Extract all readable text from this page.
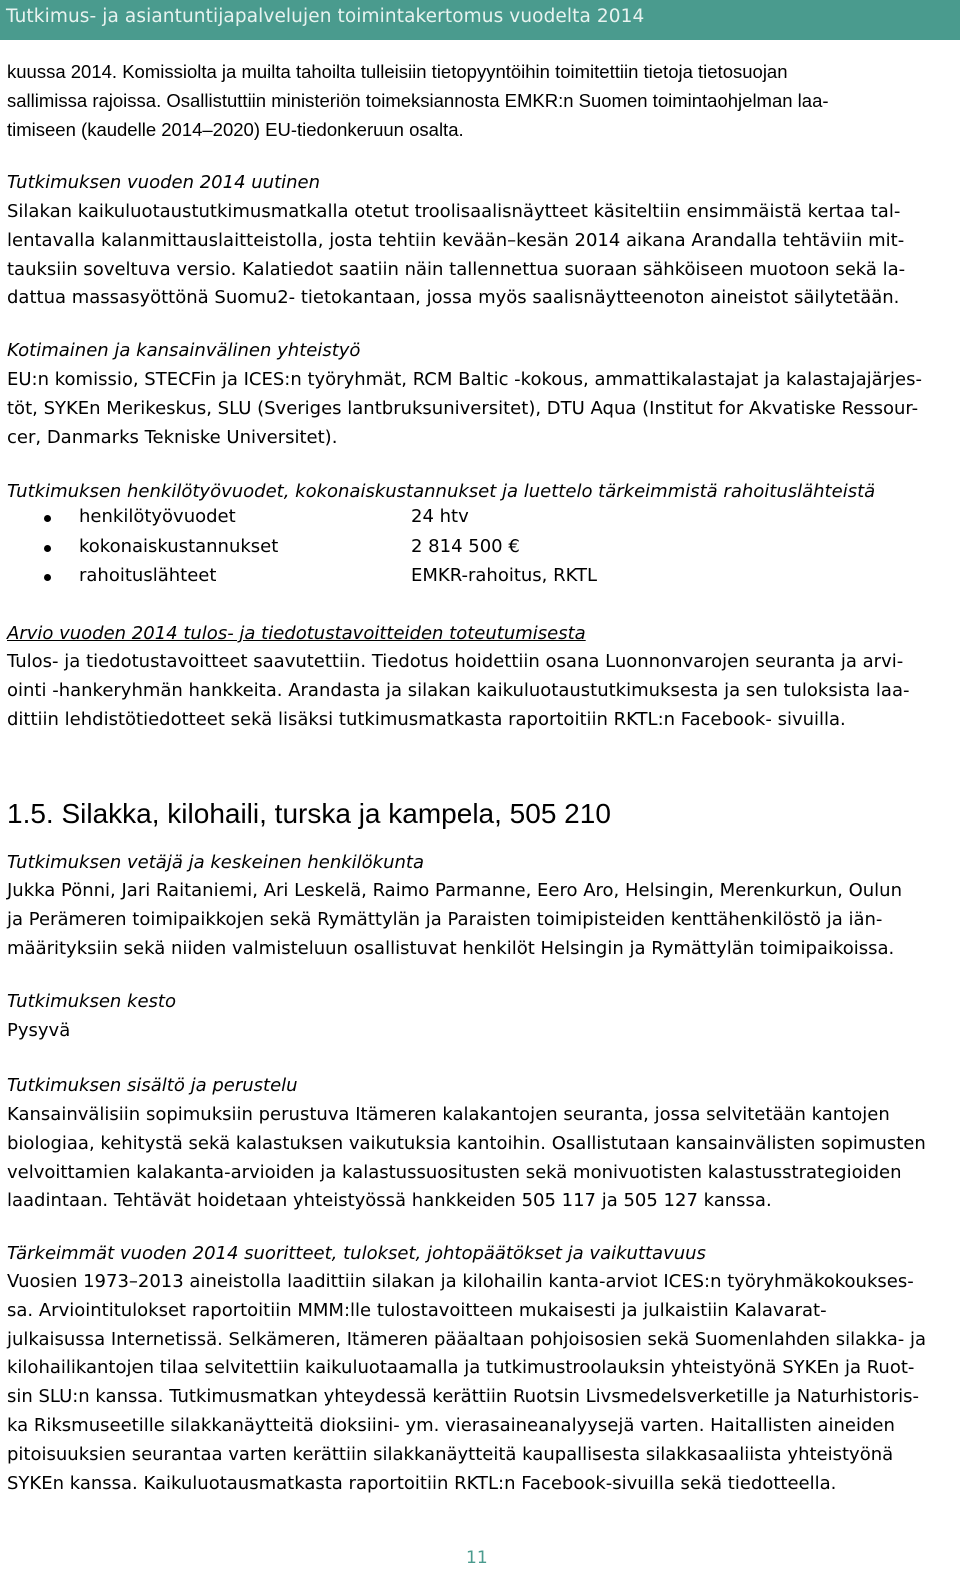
Tutkimus- ja asiantuntijapalvelujen toimintakertomus vuodelta 2014
kuussa 2014. Komissiolta ja muilta tahoilta tulleisiin tietopyyntöihin toimitettiin tietoja tietosuojan
sallimissa rajoissa. Osallistuttiin ministeriön toimeksiannosta EMKR:n Suomen toimintaohjelman laa-
timiseen (kaudelle 2014–2020) EU-tiedonkeruun osalta.
Tutkimuksen vuoden 2014 uutinen
Silakan kaikuluotaustutkimusmatkalla otetut troolisaalisnäytteet käsiteltiin ensimmäistä kertaa tal-
lentavalla kalanmittauslaitteistolla, josta tehtiin kevään–kesän 2014 aikana Arandalla tehtäviin mit-
tauksiin soveltuva versio. Kalatiedot saatiin näin tallennettua suoraan sähköiseen muotoon sekä la-
dattua massasyöttönä Suomu2- tietokantaan, jossa myös saalisnäytteenoton aineistot säilytetään.
Kotimainen ja kansainvälinen yhteistyö
EU:n komissio, STECFin ja ICES:n työryhmät, RCM Baltic -kokous, ammattikalastajat ja kalastajajärjes-
töt, SYKEn Merikeskus, SLU (Sveriges lantbruksuniversitet), DTU Aqua (Institut for Akvatiske Ressour-
cer, Danmarks Tekniske Universitet).
Tutkimuksen henkilötyövuodet, kokonaiskustannukset ja luettelo tärkeimmistä rahoituslähteistä
henkilötyövuodet	24 htv
kokonaiskustannukset	2 814 500 €
rahoituslähteet	EMKR-rahoitus, RKTL
Arvio vuoden 2014 tulos- ja tiedotustavoitteiden toteutumisesta
Tulos- ja tiedotustavoitteet saavutettiin. Tiedotus hoidettiin osana Luonnonvarojen seuranta ja arvi-
ointi -hankeryhmän hankkeita. Arandasta ja silakan kaikuluotaustutkimuksesta ja sen tuloksista laa-
dittiin lehdistötiedotteet sekä lisäksi tutkimusmatkasta raportoitiin RKTL:n Facebook- sivuilla.
1.5. Silakka, kilohaili, turska ja kampela, 505 210
Tutkimuksen vetäjä ja keskeinen henkilökunta
Jukka Pönni, Jari Raitaniemi, Ari Leskelä, Raimo Parmanne, Eero Aro, Helsingin, Merenkurkun, Oulun
ja Perämeren toimipaikkojen sekä Rymättylän ja Paraisten toimipisteiden kenttähenkilöstö ja iän-
määrityksiin sekä niiden valmisteluun osallistuvat henkilöt Helsingin ja Rymättylän toimipaikoissa.
Tutkimuksen kesto
Pysyvä
Tutkimuksen sisältö ja perustelu
Kansainvälisiin sopimuksiin perustuva Itämeren kalakantojen seuranta, jossa selvitetään kantojen
biologiaa, kehitystä sekä kalastuksen vaikutuksia kantoihin. Osallistutaan kansainvälisten sopimusten
velvoittamien kalakanta-arvioiden ja kalastussuositusten sekä monivuotisten kalastusstrategioiden
laadintaan. Tehtävät hoidetaan yhteistyössä hankkeiden 505 117 ja 505 127 kanssa.
Tärkeimmät vuoden 2014 suoritteet, tulokset, johtopäätökset ja vaikuttavuus
Vuosien 1973–2013 aineistolla laadittiin silakan ja kilohailin kanta-arviot ICES:n työryhmäkokoukses-
sa. Arviointitulokset raportoitiin MMM:lle tulostavoitteen mukaisesti ja julkaistiin Kalavarat-
julkaisussa Internetissä. Selkämeren, Itämeren pääaltaan pohjoisosien sekä Suomenlahden silakka- ja
kilohailikantojen tilaa selvitettiin kaikuluotaamalla ja tutkimustroolauksin yhteistyönä SYKEn ja Ruot-
sin SLU:n kanssa. Tutkimusmatkan yhteydessä kerättiin Ruotsin Livsmedelsverketille ja Naturhistoris-
ka Riksmuseetille silakkanäytteitä dioksiini- ym. vierasaineanalyysejä varten. Haitallisten aineiden
pitoisuuksien seurantaa varten kerättiin silakkanäytteitä kaupallisesta silakkasaaliista yhteistyönä
SYKEn kanssa. Kaikuluotausmatkasta raportoitiin RKTL:n Facebook-sivuilla sekä tiedotteella.
11
